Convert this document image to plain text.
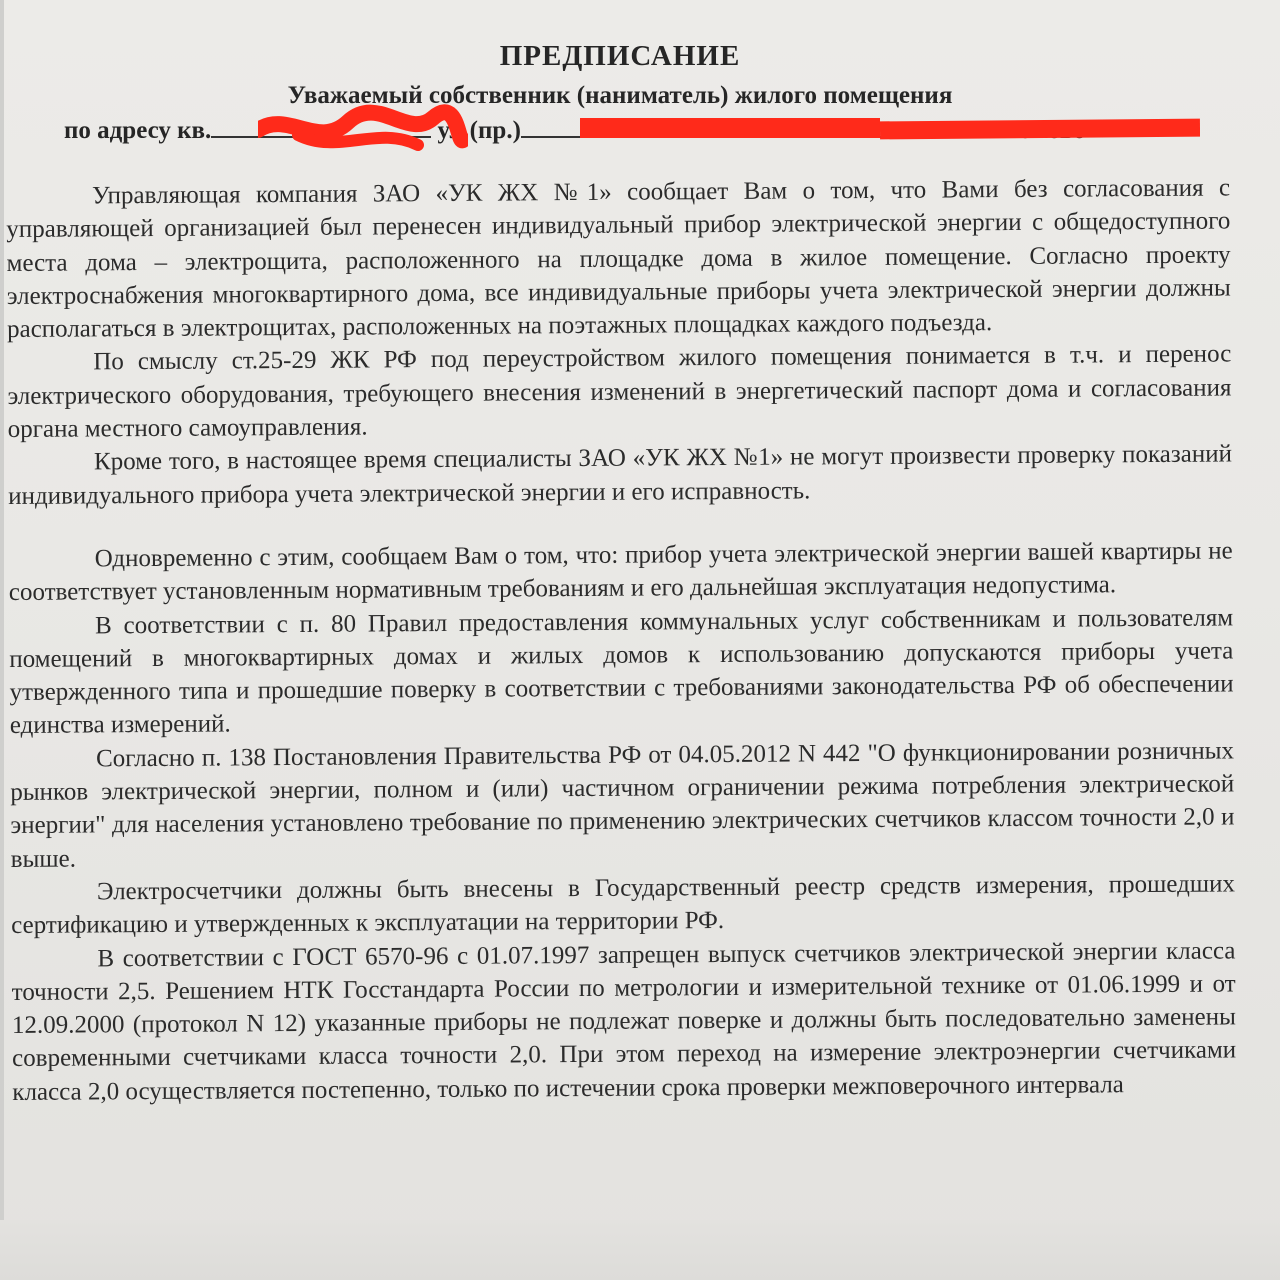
ПРЕДПИСАНИЕ
Уважаемый собственник (наниматель) жилого помещения
по адресу кв.	ул (пр.)

Управляющая компания ЗАО «УК ЖХ №1» сообщает Вам о том, что Вами без согласования с управляющей организацией был перенесен индивидуальный прибор электрической энергии с общедоступного места дома – электрощита, расположенного на площадке дома в жилое помещение. Согласно проекту электроснабжения многоквартирного дома, все индивидуальные приборы учета электрической энергии должны располагаться в электрощитах, расположенных на поэтажных площадках каждого подъезда.

По смыслу ст.25-29 ЖК РФ под переустройством жилого помещения понимается в т.ч. и перенос электрического оборудования, требующего внесения изменений в энергетический паспорт дома и согласования органа местного самоуправления.

Кроме того, в настоящее время специалисты ЗАО «УК ЖХ №1» не могут произвести проверку показаний индивидуального прибора учета электрической энергии и его исправность.

Одновременно с этим, сообщаем Вам о том, что: прибор учета электрической энергии вашей квартиры не соответствует установленным нормативным требованиям и его дальнейшая эксплуатация недопустима.

В соответствии с п. 80 Правил предоставления коммунальных услуг собственникам и пользователям помещений в многоквартирных домах и жилых домов к использованию допускаются приборы учета утвержденного типа и прошедшие поверку в соответствии с требованиями законодательства РФ об обеспечении единства измерений.

Согласно п. 138 Постановления Правительства РФ от 04.05.2012 N 442 "О функционировании розничных рынков электрической энергии, полном и (или) частичном ограничении режима потребления электрической энергии" для населения установлено требование по применению электрических счетчиков классом точности 2,0 и выше.

Электросчетчики должны быть внесены в Государственный реестр средств измерения, прошедших сертификацию и утвержденных к эксплуатации на территории РФ.

В соответствии с ГОСТ 6570-96 с 01.07.1997 запрещен выпуск счетчиков электрической энергии класса точности 2,5. Решением НТК Госстандарта России по метрологии и измерительной технике от 01.06.1999 и от 12.09.2000 (протокол N 12) указанные приборы не подлежат поверке и должны быть последовательно заменены современными счетчиками класса точности 2,0. При этом переход на измерение электроэнергии счетчиками класса 2,0 осуществляется постепенно, только по истечении срока проверки межповерочного интервала
